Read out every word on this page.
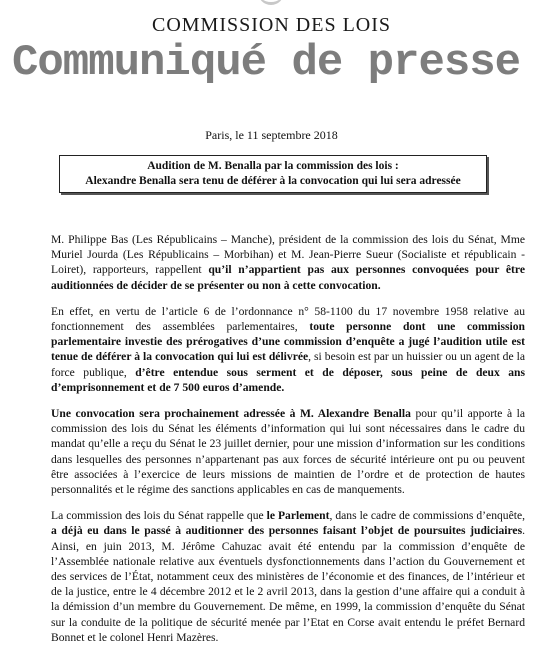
COMMISSION DES LOIS
Communiqué de presse
Paris, le 11 septembre 2018
Audition de M. Benalla par la commission des lois :
Alexandre Benalla sera tenu de déférer à la convocation qui lui sera adressée

M. Philippe Bas (Les Républicains – Manche), président de la commission des lois du Sénat, Mme Muriel Jourda (Les Républicains – Morbihan) et M. Jean-Pierre Sueur (Socialiste et républicain - Loiret), rapporteurs, rappellent qu’il n’appartient pas aux personnes convoquées pour être auditionnées de décider de se présenter ou non à cette convocation.

En effet, en vertu de l’article 6 de l’ordonnance n° 58-1100 du 17 novembre 1958 relative au fonctionnement des assemblées parlementaires, toute personne dont une commission parlementaire investie des prérogatives d’une commission d’enquête a jugé l’audition utile est tenue de déférer à la convocation qui lui est délivrée, si besoin est par un huissier ou un agent de la force publique, d’être entendue sous serment et de déposer, sous peine de deux ans d’emprisonnement et de 7 500 euros d’amende.

Une convocation sera prochainement adressée à M. Alexandre Benalla pour qu’il apporte à la commission des lois du Sénat les éléments d’information qui lui sont nécessaires dans le cadre du mandat qu’elle a reçu du Sénat le 23 juillet dernier, pour une mission d’information sur les conditions dans lesquelles des personnes n’appartenant pas aux forces de sécurité intérieure ont pu ou peuvent être associées à l’exercice de leurs missions de maintien de l’ordre et de protection de hautes personnalités et le régime des sanctions applicables en cas de manquements.

La commission des lois du Sénat rappelle que le Parlement, dans le cadre de commissions d’enquête, a déjà eu dans le passé à auditionner des personnes faisant l’objet de poursuites judiciaires. Ainsi, en juin 2013, M. Jérôme Cahuzac avait été entendu par la commission d’enquête de l’Assemblée nationale relative aux éventuels dysfonctionnements dans l’action du Gouvernement et des services de l’État, notamment ceux des ministères de l’économie et des finances, de l’intérieur et de la justice, entre le 4 décembre 2012 et le 2 avril 2013, dans la gestion d’une affaire qui a conduit à la démission d’un membre du Gouvernement. De même, en 1999, la commission d’enquête du Sénat sur la conduite de la politique de sécurité menée par l’Etat en Corse avait entendu le préfet Bernard Bonnet et le colonel Henri Mazères.
